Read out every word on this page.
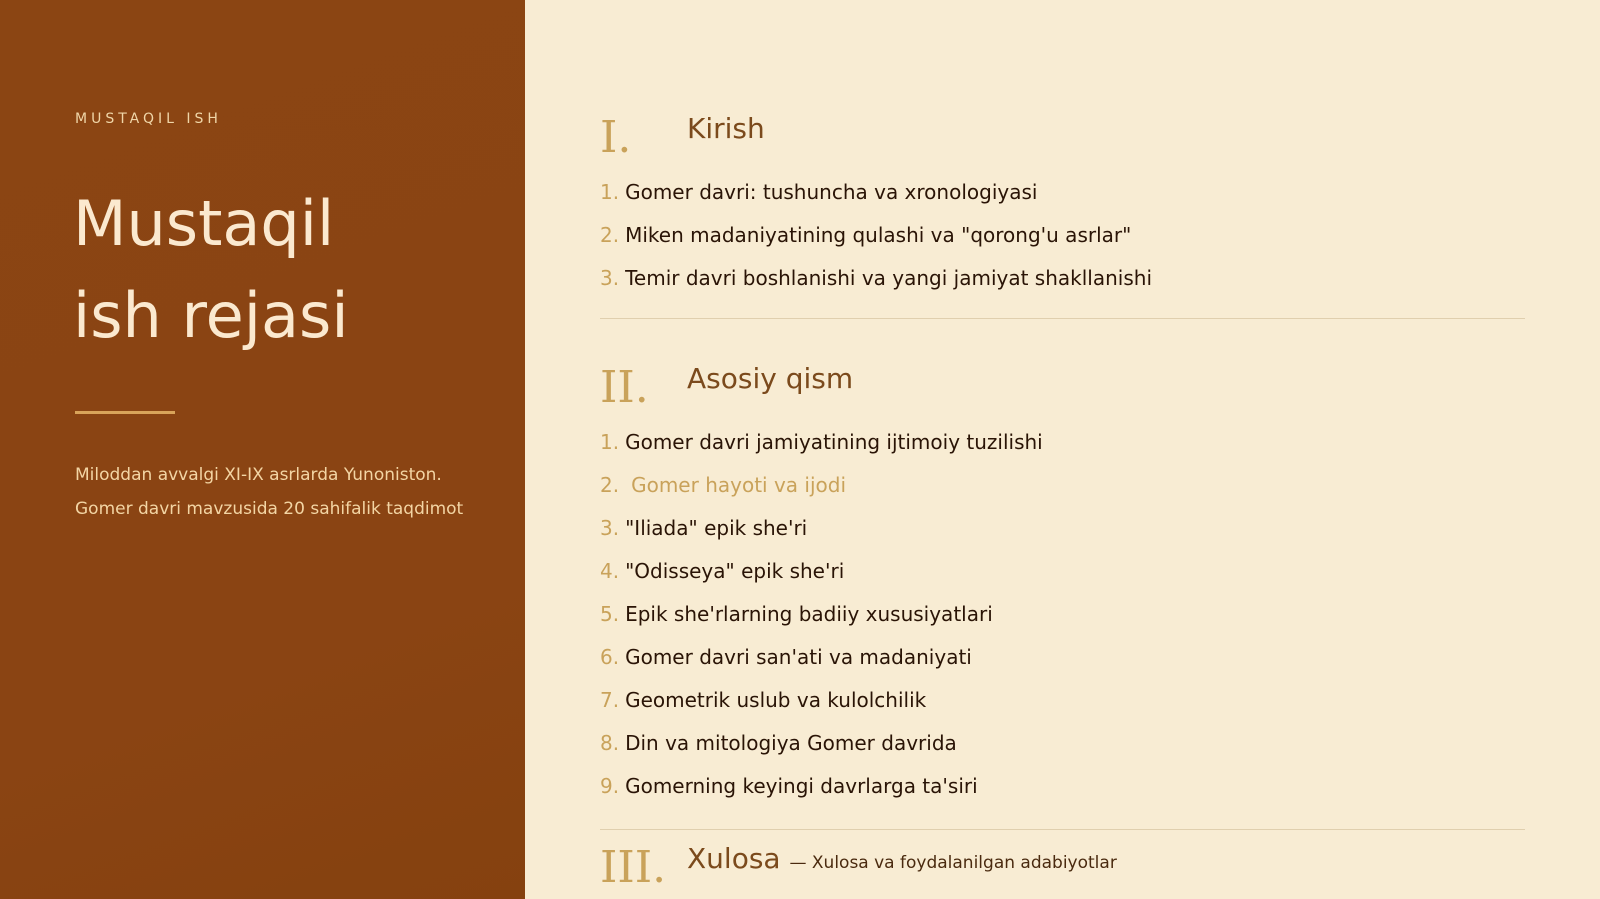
MUSTAQIL ISH
Mustaqil
ish rejasi
Miloddan avvalgi XI-IX asrlarda Yunoniston.
Gomer davri mavzusida 20 sahifalik taqdimot
I. Kirish
1. Gomer davri: tushuncha va xronologiyasi
2. Miken madaniyatining qulashi va "qorong'u asrlar"
3. Temir davri boshlanishi va yangi jamiyat shakllanishi
II. Asosiy qism
1. Gomer davri jamiyatining ijtimoiy tuzilishi
2. Gomer hayoti va ijodi
3. "Iliada" epik she'ri
4. "Odisseya" epik she'ri
5. Epik she'rlarning badiiy xususiyatlari
6. Gomer davri san'ati va madaniyati
7. Geometrik uslub va kulolchilik
8. Din va mitologiya Gomer davrida
9. Gomerning keyingi davrlarga ta'siri
III. Xulosa — Xulosa va foydalanilgan adabiyotlar
